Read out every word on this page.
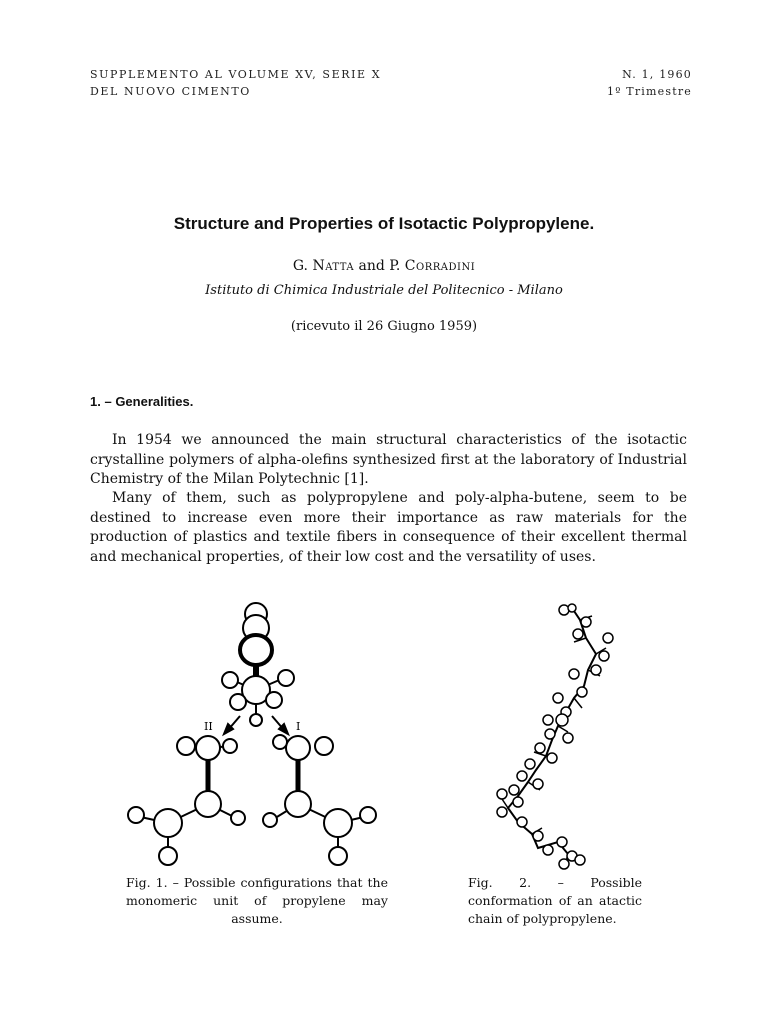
SUPPLEMENTO AL VOLUME XV, SERIE X
DEL NUOVO CIMENTO
N. 1, 1960
1º Trimestre
Structure and Properties of Isotactic Polypropylene.
G. Natta and P. Corradini
Istituto di Chimica Industriale del Politecnico - Milano
(ricevuto il 26 Giugno 1959)
1. – Generalities.

In 1954 we announced the main structural characteristics of the isotactic crystalline polymers of alpha-olefins synthesized first at the laboratory of Industrial Chemistry of the Milan Polytechnic [1].

Many of them, such as polypropylene and poly-alpha-butene, seem to be destined to increase even more their importance as raw materials for the production of plastics and textile fibers in consequence of their excellent thermal and mechanical properties, of their low cost and the versatility of uses.

II	I

Fig. 1. – Possible configurations that the monomeric unit of propylene may assume.

Fig. 2. – Possible conformation of an atactic chain of polypropylene.
